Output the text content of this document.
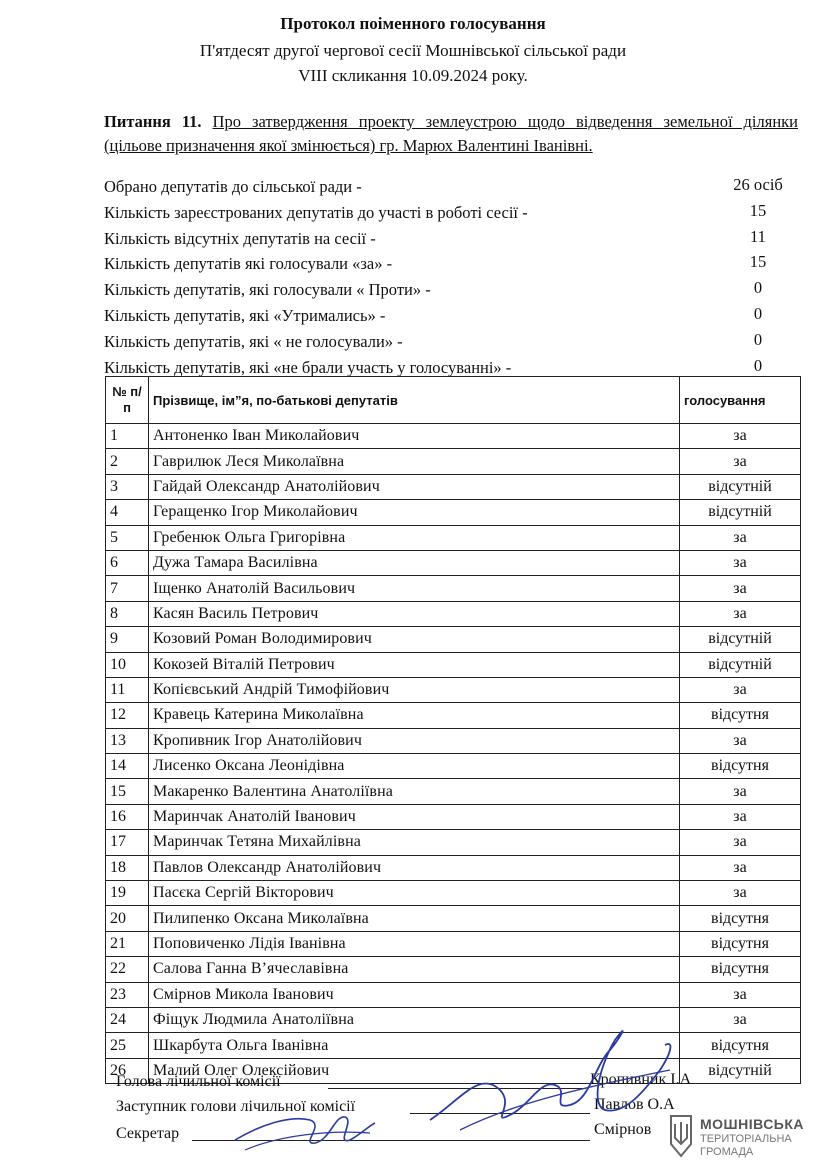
Протокол поіменного голосування
П'ятдесят другої чергової сесії Мошнівської сільської ради
VIII скликання 10.09.2024 року.
Питання 11. Про затвердження проекту землеустрою щодо відведення земельної ділянки (цільове призначення якої змінюється) гр. Марюх Валентині Іванівні.
Обрано депутатів до сільської ради -	26 осіб
Кількість зареєстрованих депутатів до участі в роботі сесії -	15
Кількість відсутніх депутатів на сесії -	11
Кількість депутатів які голосували «за» -	15
Кількість депутатів, які голосували « Проти» -	0
Кількість депутатів, які «Утримались» -	0
Кількість депутатів, які « не голосували» -	0
Кількість депутатів, які «не брали участь у голосуванні» -	0
№ п/п	Прізвище, ім”я, по-батькові депутатів	голосування
1	Антоненко Іван Миколайович	за
2	Гаврилюк Леся Миколаївна	за
3	Гайдай Олександр Анатолійович	відсутній
4	Геращенко Ігор Миколайович	відсутній
5	Гребенюк Ольга Григорівна	за
6	Дужа Тамара Василівна	за
7	Іщенко Анатолій Васильович	за
8	Касян Василь Петрович	за
9	Козовий Роман Володимирович	відсутній
10	Кокозей Віталій Петрович	відсутній
11	Копієвський Андрій Тимофійович	за
12	Кравець Катерина Миколаївна	відсутня
13	Кропивник Ігор Анатолійович	за
14	Лисенко Оксана Леонідівна	відсутня
15	Макаренко Валентина Анатоліївна	за
16	Маринчак Анатолій Іванович	за
17	Маринчак Тетяна Михайлівна	за
18	Павлов Олександр Анатолійович	за
19	Пасєка Сергій Вікторович	за
20	Пилипенко Оксана Миколаївна	відсутня
21	Поповиченко Лідія Іванівна	відсутня
22	Салова Ганна В’ячеславівна	відсутня
23	Смірнов Микола Іванович	за
24	Фіщук Людмила Анатоліївна	за
25	Шкарбута Ольга Іванівна	відсутня
26	Малий Олег Олексійович	відсутній
Голова лічильної комісії	Кропивник І.А
Заступник голови лічильної комісії	Павлов О.А
Секретар	Смірнов	МОШНІВСЬКА
ТЕРИТОРІАЛЬНА
ГРОМАДА
